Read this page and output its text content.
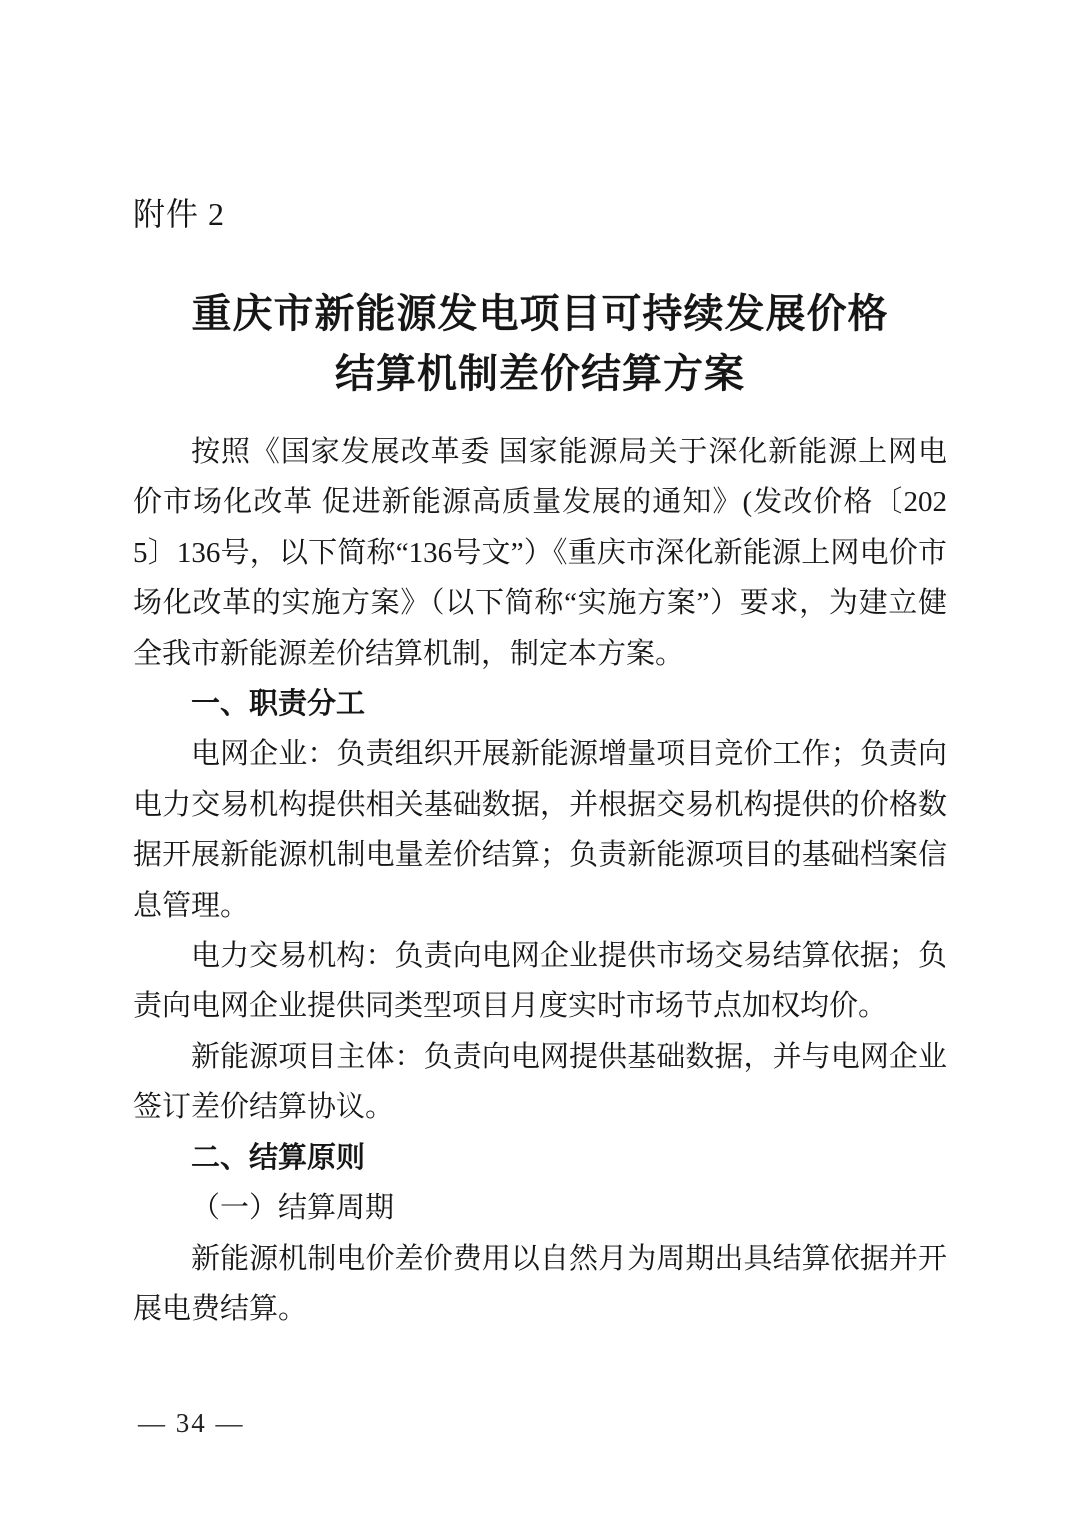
附件 2
重庆市新能源发电项目可持续发展价格
结算机制差价结算方案

按照《国家发展改革委 国家能源局关于深化新能源上网电价市场化改革 促进新能源高质量发展的通知》(发改价格〔2025〕136号，以下简称“136号文”）《重庆市深化新能源上网电价市场化改革的实施方案》（以下简称“实施方案”）要求，为建立健全我市新能源差价结算机制，制定本方案。

一、职责分工

电网企业：负责组织开展新能源增量项目竞价工作；负责向电力交易机构提供相关基础数据，并根据交易机构提供的价格数据开展新能源机制电量差价结算；负责新能源项目的基础档案信息管理。

电力交易机构：负责向电网企业提供市场交易结算依据；负责向电网企业提供同类型项目月度实时市场节点加权均价。

新能源项目主体：负责向电网提供基础数据，并与电网企业签订差价结算协议。

二、结算原则

（一）结算周期

新能源机制电价差价费用以自然月为周期出具结算依据并开展电费结算。

— 34 —
